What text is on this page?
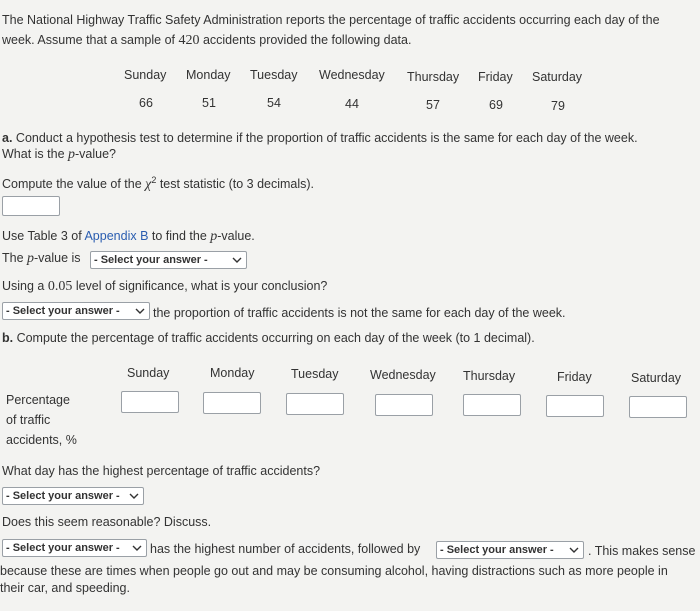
The National Highway Traffic Safety Administration reports the percentage of traffic accidents occurring each day of the
week. Assume that a sample of 420 accidents provided the following data.
Sunday Monday Tuesday Wednesday Thursday Friday Saturday
66	51	54	44	57	69	79
a. Conduct a hypothesis test to determine if the proportion of traffic accidents is the same for each day of the week.
What is the p-value?
Compute the value of the $\chi^2$ test statistic (to 3 decimals).
Use Table 3 of Appendix B to find the p-value.
The p-value is - Select your answer -
Using a 0.05 level of significance, what is your conclusion?
- Select your answer -	the proportion of traffic accidents is not the same for each day of the week.
b. Compute the percentage of traffic accidents occurring on each day of the week (to 1 decimal).
Sunday	Monday	Tuesday	Wednesday Thursday	Friday	Saturday
Percentage
of traffic
accidents, %
What day has the highest percentage of traffic accidents?
- Select your answer -
Does this seem reasonable? Discuss.
- Select your answer - has the highest number of accidents, followed by - Select your answer -	. This makes sense
because these are times when people go out and may be consuming alcohol, having distractions such as more people in
their car, and speeding.
